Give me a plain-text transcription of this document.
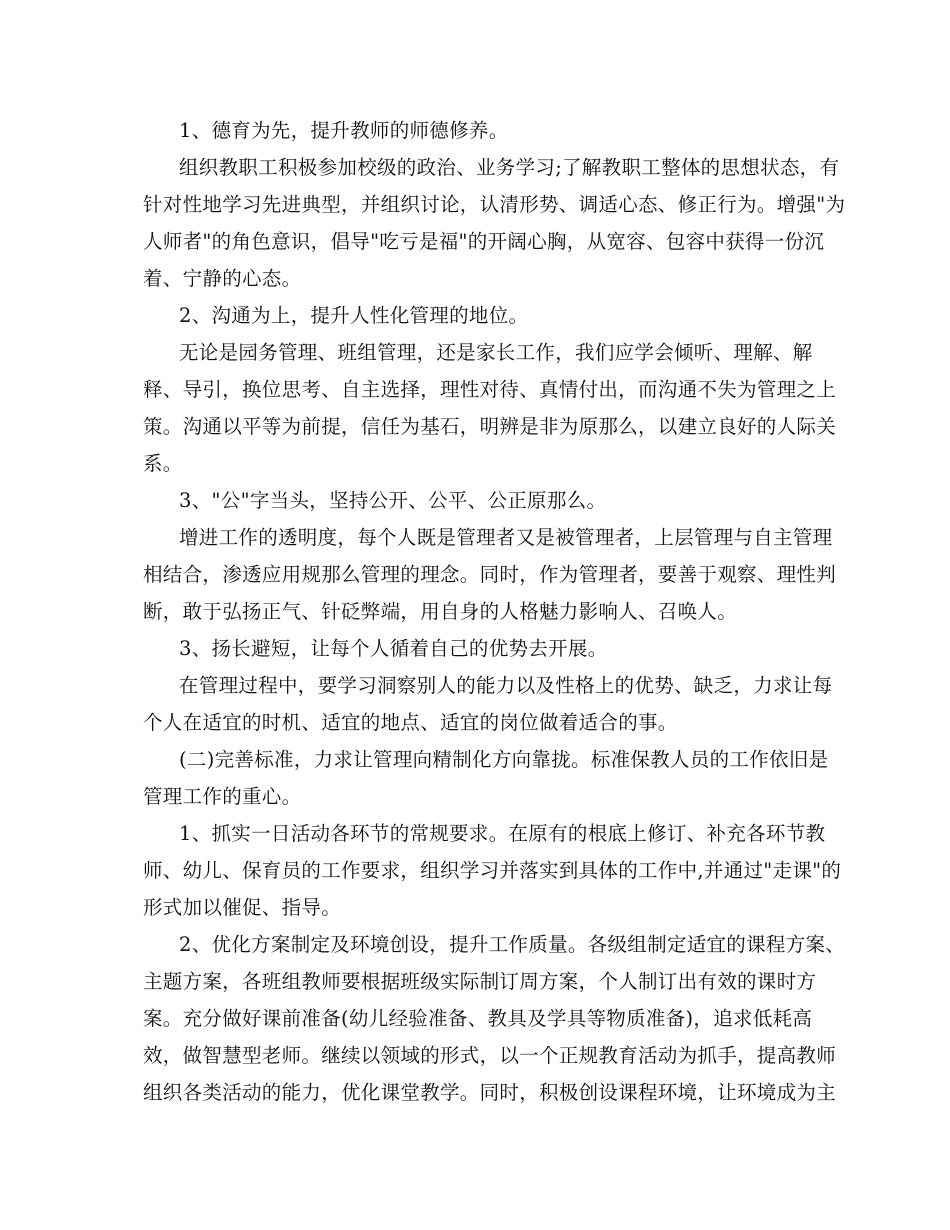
1、德育为先，提升教师的师德修养。
组织教职工积极参加校级的政治、业务学习;了解教职工整体的思想状态，有
针对性地学习先进典型，并组织讨论，认清形势、调适心态、修正行为。增强"为
人师者"的角色意识，倡导"吃亏是福"的开阔心胸，从宽容、包容中获得一份沉
着、宁静的心态。
2、沟通为上，提升人性化管理的地位。
无论是园务管理、班组管理，还是家长工作，我们应学会倾听、理解、解
释、导引，换位思考、自主选择，理性对待、真情付出，而沟通不失为管理之上
策。沟通以平等为前提，信任为基石，明辨是非为原那么，以建立良好的人际关
系。
3、"公"字当头，坚持公开、公平、公正原那么。
增进工作的透明度，每个人既是管理者又是被管理者，上层管理与自主管理
相结合，渗透应用规那么管理的理念。同时，作为管理者，要善于观察、理性判
断，敢于弘扬正气、针砭弊端，用自身的人格魅力影响人、召唤人。
3、扬长避短，让每个人循着自己的优势去开展。
在管理过程中，要学习洞察别人的能力以及性格上的优势、缺乏，力求让每
个人在适宜的时机、适宜的地点、适宜的岗位做着适合的事。
(二)完善标准，力求让管理向精制化方向靠拢。标准保教人员的工作依旧是
管理工作的重心。
1、抓实一日活动各环节的常规要求。在原有的根底上修订、补充各环节教
师、幼儿、保育员的工作要求，组织学习并落实到具体的工作中,并通过"走课"的
形式加以催促、指导。
2、优化方案制定及环境创设，提升工作质量。各级组制定适宜的课程方案、
主题方案，各班组教师要根据班级实际制订周方案，个人制订出有效的课时方
案。充分做好课前准备(幼儿经验准备、教具及学具等物质准备)，追求低耗高
效，做智慧型老师。继续以领域的形式，以一个正规教育活动为抓手，提高教师
组织各类活动的能力，优化课堂教学。同时，积极创设课程环境，让环境成为主
